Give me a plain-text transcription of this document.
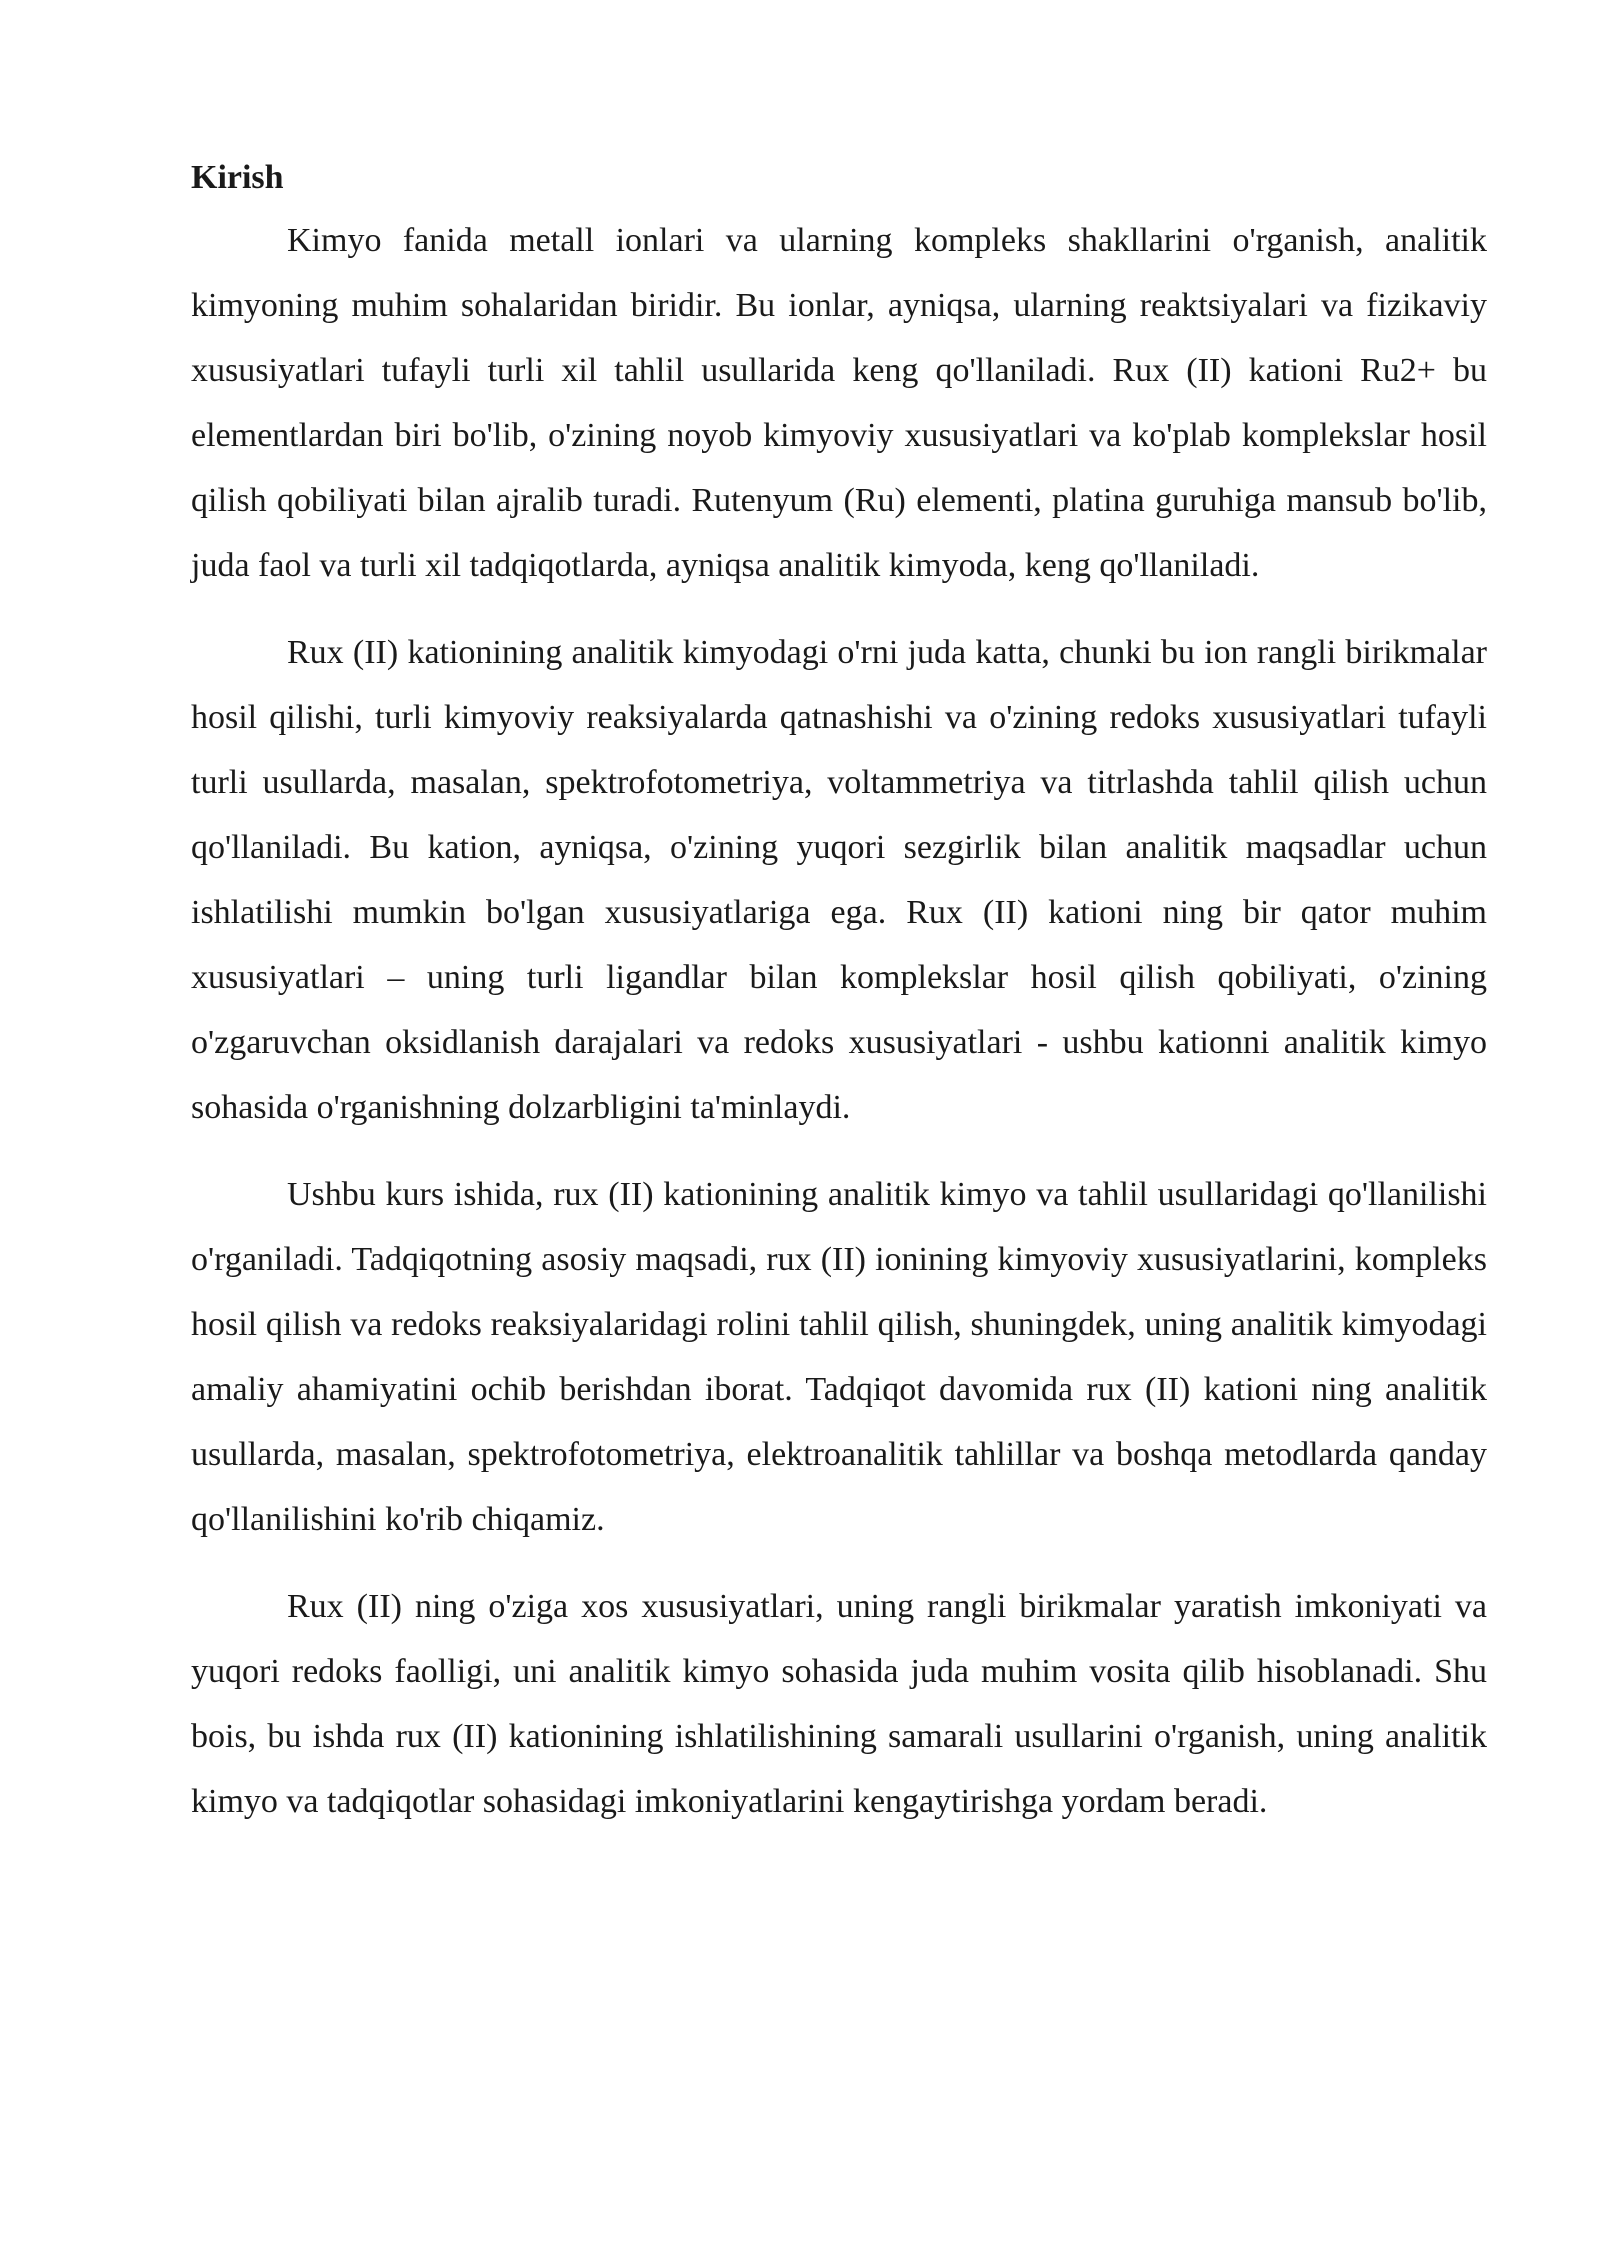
Kirish

Kimyo fanida metall ionlari va ularning kompleks shakllarini o'rganish, analitik kimyoning muhim sohalaridan biridir. Bu ionlar, ayniqsa, ularning reaktsiyalari va fizikaviy xususiyatlari tufayli turli xil tahlil usullarida keng qo'llaniladi. Rux (II) kationi Ru2+ bu elementlardan biri bo'lib, o'zining noyob kimyoviy xususiyatlari va ko'plab komplekslar hosil qilish qobiliyati bilan ajralib turadi. Rutenyum (Ru) elementi, platina guruhiga mansub bo'lib, juda faol va turli xil tadqiqotlarda, ayniqsa analitik kimyoda, keng qo'llaniladi.

Rux (II) kationining analitik kimyodagi o'rni juda katta, chunki bu ion rangli birikmalar hosil qilishi, turli kimyoviy reaksiyalarda qatnashishi va o'zining redoks xususiyatlari tufayli turli usullarda, masalan, spektrofotometriya, voltammetriya va titrlashda tahlil qilish uchun qo'llaniladi. Bu kation, ayniqsa, o'zining yuqori sezgirlik bilan analitik maqsadlar uchun ishlatilishi mumkin bo'lgan xususiyatlariga ega. Rux (II) kationi ning bir qator muhim xususiyatlari – uning turli ligandlar bilan komplekslar hosil qilish qobiliyati, o'zining o'zgaruvchan oksidlanish darajalari va redoks xususiyatlari - ushbu kationni analitik kimyo sohasida o'rganishning dolzarbligini ta'minlaydi.

Ushbu kurs ishida, rux (II) kationining analitik kimyo va tahlil usullaridagi qo'llanilishi o'rganiladi. Tadqiqotning asosiy maqsadi, rux (II) ionining kimyoviy xususiyatlarini, kompleks hosil qilish va redoks reaksiyalaridagi rolini tahlil qilish, shuningdek, uning analitik kimyodagi amaliy ahamiyatini ochib berishdan iborat. Tadqiqot davomida rux (II) kationi ning analitik usullarda, masalan, spektrofotometriya, elektroanalitik tahlillar va boshqa metodlarda qanday qo'llanilishini ko'rib chiqamiz.

Rux (II) ning o'ziga xos xususiyatlari, uning rangli birikmalar yaratish imkoniyati va yuqori redoks faolligi, uni analitik kimyo sohasida juda muhim vosita qilib hisoblanadi. Shu bois, bu ishda rux (II) kationining ishlatilishining samarali usullarini o'rganish, uning analitik kimyo va tadqiqotlar sohasidagi imkoniyatlarini kengaytirishga yordam beradi.
